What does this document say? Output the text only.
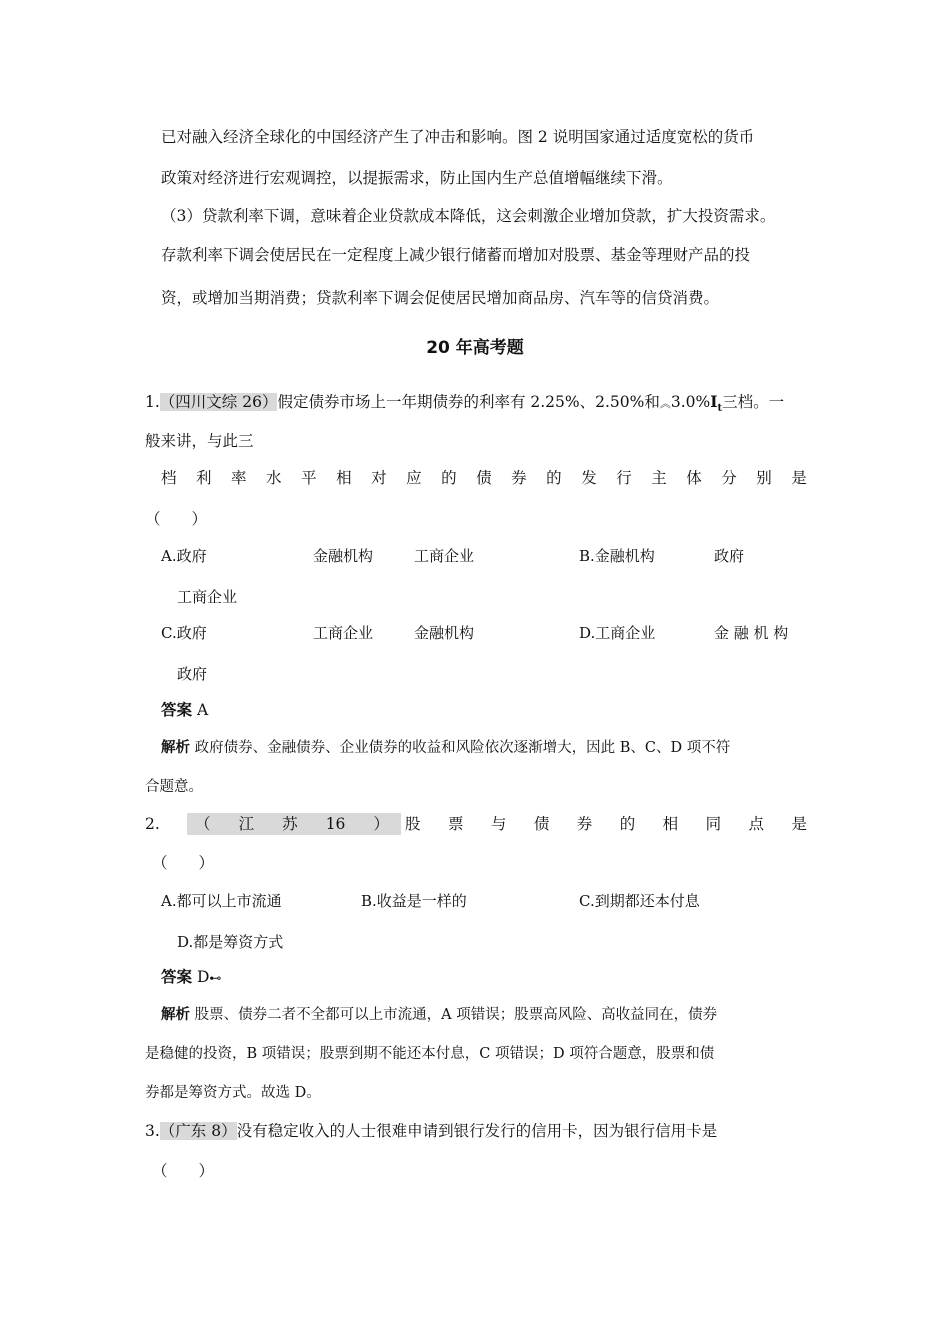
已对融入经济全球化的中国经济产生了冲击和影响。图 2 说明国家通过适度宽松的货币
政策对经济进行宏观调控，以提振需求，防止国内生产总值增幅继续下滑。
（3）贷款利率下调，意味着企业贷款成本降低，这会刺激企业增加贷款，扩大投资需求。
存款利率下调会使居民在一定程度上减少银行储蓄而增加对股票、基金等理财产品的投
资，或增加当期消费；贷款利率下调会促使居民增加商品房、汽车等的信贷消费。
20 年高考题
1.（四川文综 26）假定债券市场上一年期债券的利率有 2.25%、2.50%和$︽3.0\%I_t$三档。一
般来讲，与此三
档 利 率 水 平 相 对 应 的 债 券 的 发 行 主 体 分 别 是
（　　）
A.政府	金融机构	工商企业	B.金融机构	政府
工商企业
C.政府	工商企业	金融机构	D.工商企业	金 融 机 构
政府
答案 A
解析 政府债券、金融债券、企业债券的收益和风险依次逐渐增大，因此 B、C、D 项不符
合题意。
2. （ 江 苏 16 ） 股 票 与 债 券 的 相 同 点 是
（　　）
A.都可以上市流通	B.收益是一样的	C.到期都还本付息
D.都是筹资方式
答案 D⊷
解析 股票、债券二者不全都可以上市流通，A 项错误；股票高风险、高收益同在，债券
是稳健的投资，B 项错误；股票到期不能还本付息，C 项错误；D 项符合题意，股票和债
券都是筹资方式。故选 D。
3.（广东 8）没有稳定收入的人士很难申请到银行发行的信用卡，因为银行信用卡是
（　　）
